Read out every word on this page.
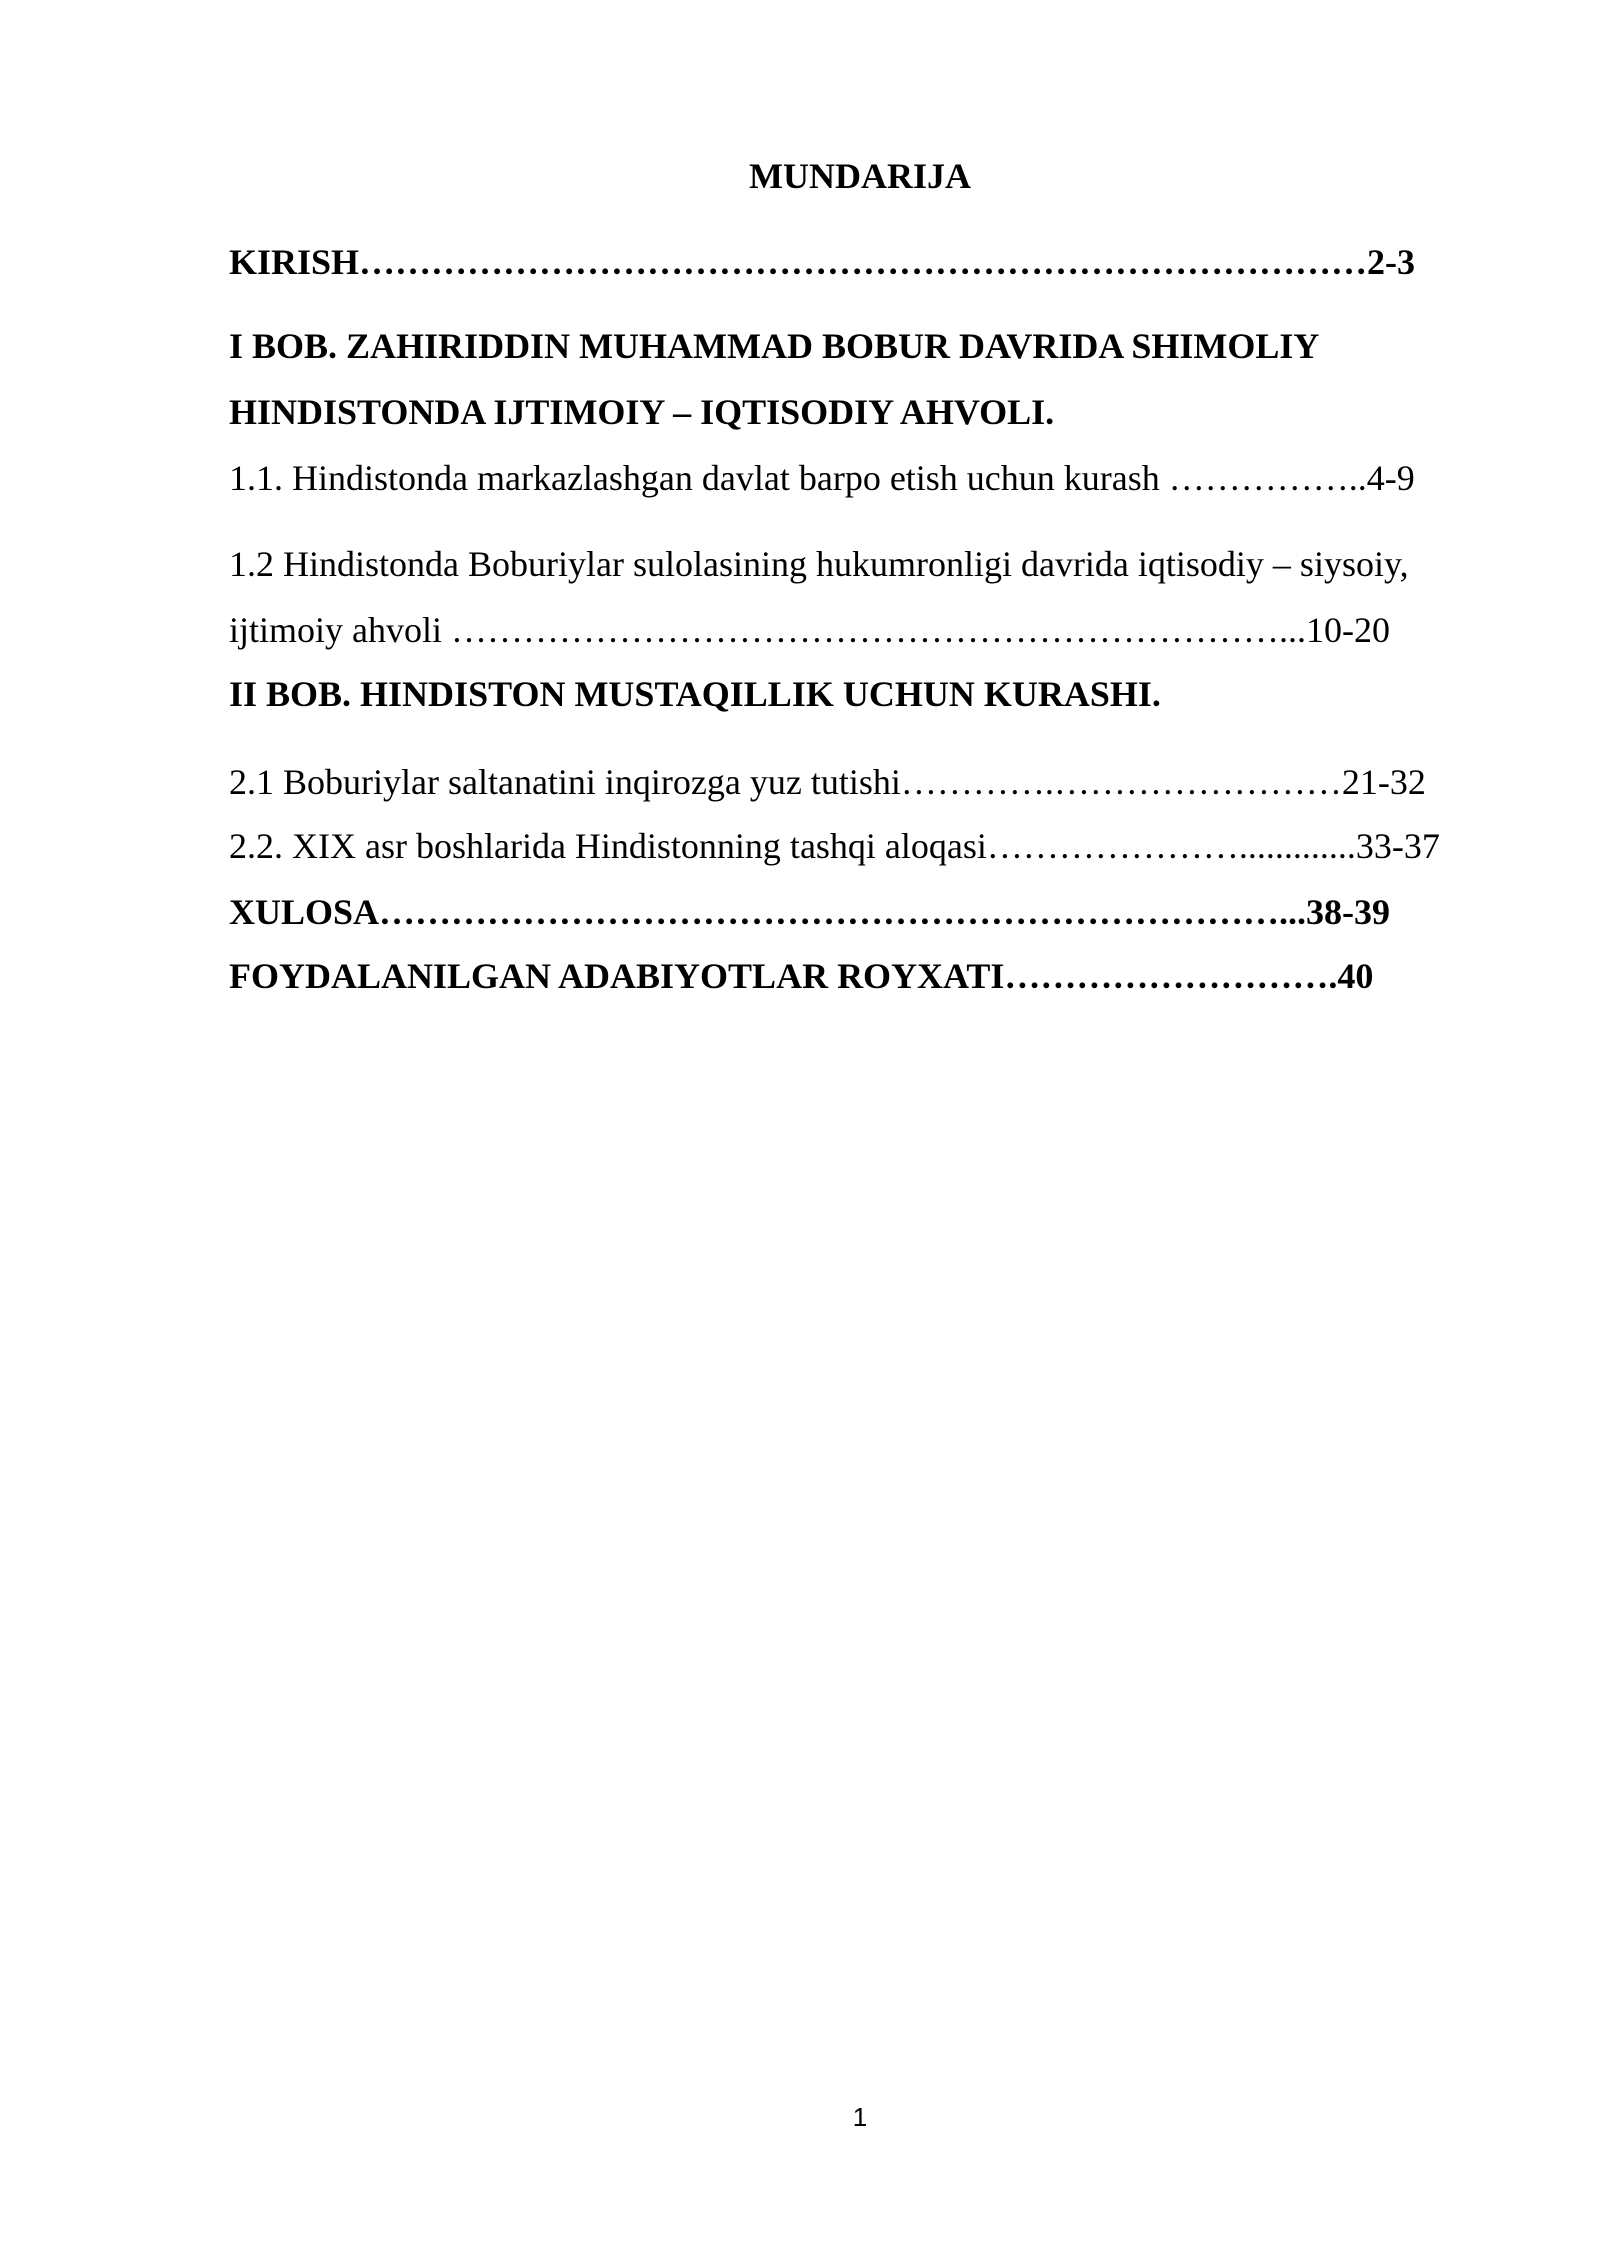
MUNDARIJA
KIRISH…………………………………………………………………………2-3
I BOB. ZAHIRIDDIN MUHAMMAD BOBUR DAVRIDA SHIMOLIY
HINDISTONDA IJTIMOIY – IQTISODIY AHVOLI.
1.1. Hindistonda markazlashgan davlat barpo etish uchun kurash ……………..4-9
1.2 Hindistonda Boburiylar sulolasining hukumronligi davrida iqtisodiy – siysoiy,
ijtimoiy ahvoli ……………………………………………………………...10-20
II BOB. HINDISTON MUSTAQILLIK UCHUN KURASHI.
2.1 Boburiylar saltanatini inqirozga yuz tutishi………….……………………21-32
2.2. XIX asr boshlarida Hindistonning tashqi aloqasi………………….............33-37
XULOSA…………………………………………………………………...38-39
FOYDALANILGAN ADABIYOTLAR ROYXATI……………………….40
1
